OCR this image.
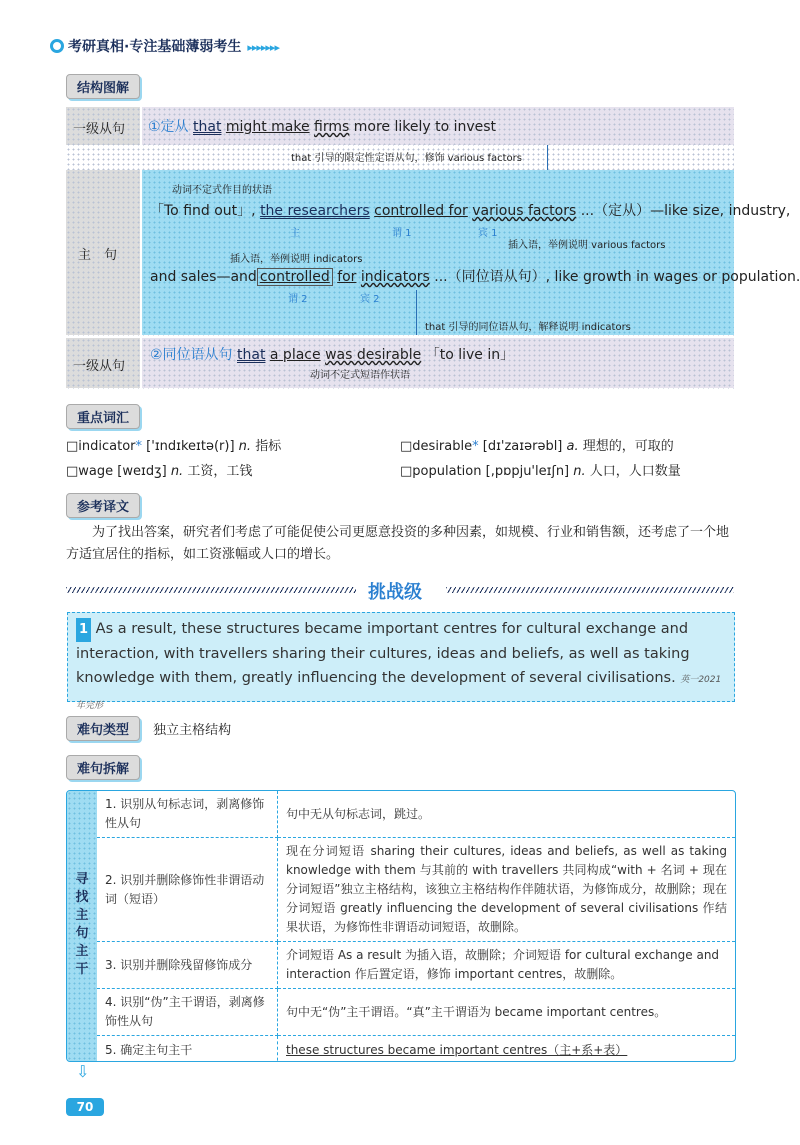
考研真相·专注基础薄弱考生 ▸▸▸▸▸▸▸
结构图解
一级从句 ①定从 that might make firms more likely to invest
that 引导的限定性定语从句，修饰 various factors
主　句
动词不定式作目的状语
「To find out」, the researchers controlled for various factors ...（定从）—like size, industry,
主	谓 1	宾 1
插入语，举例说明 various factors
插入语，举例说明 indicators
and sales—and controlled for indicators ...（同位语从句）, like growth in wages or population.
谓 2	宾 2
that 引导的同位语从句，解释说明 indicators
一级从句
②同位语从句 that a place was desirable 「to live in」
动词不定式短语作状语
重点词汇
□indicator* ['ɪndɪkeɪtə(r)] n. 指标	□desirable* [dɪ'zaɪərəbl] a. 理想的，可取的
□wage [weɪdʒ] n. 工资，工钱	□population [,pɒpju'leɪʃn] n. 人口，人口数量
参考译文
为了找出答案，研究者们考虑了可能促使公司更愿意投资的多种因素，如规模、行业和销售额，还考虑了一个地方适宜居住的指标，如工资涨幅或人口的增长。
挑战级
1 As a result, these structures became important centres for cultural exchange and interaction, with travellers sharing their cultures, ideas and beliefs, as well as taking knowledge with them, greatly influencing the development of several civilisations. 英一2021年完形
难句类型 独立主格结构
难句拆解
寻找主句主干
1. 识别从句标志词，剥离修饰性从句	句中无从句标志词，跳过。
2. 识别并删除修饰性非谓语动词（短语）	现在分词短语 sharing their cultures, ideas and beliefs, as well as taking knowledge with them 与其前的 with travellers 共同构成“with + 名词 + 现在分词短语”独立主格结构，该独立主格结构作伴随状语，为修饰成分，故删除；现在分词短语 greatly influencing the development of several civilisations 作结果状语，为修饰性非谓语动词短语，故删除。
3. 识别并删除残留修饰成分	介词短语 As a result 为插入语，故删除；介词短语 for cultural exchange and interaction 作后置定语，修饰 important centres，故删除。
4. 识别“伪”主干谓语，剥离修饰性从句	句中无“伪”主干谓语。“真”主干谓语为 became important centres。
5. 确定主句主干	these structures became important centres（主+系+表）
⇩
70
